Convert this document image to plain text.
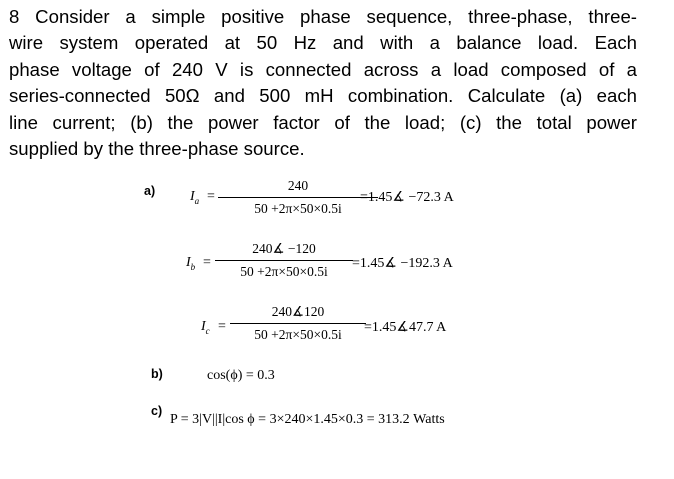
8 Consider a simple positive phase sequence, three-phase, three-
wire system operated at 50 Hz and with a balance load. Each
phase voltage of 240 V is connected across a load composed of a
series-connected 50Ω and 500 mH combination. Calculate (a) each
line current; (b) the power factor of the load; (c) the total power
supplied by the three-phase source.
a) $I_a$ =
240
50 +2π×50×0.5i
=1.45∡ −72.3 A
$I_b$ =
240∡ −120
50 +2π×50×0.5i
=1.45∡ −192.3 A
$I_c$ =
240∡120
50 +2π×50×0.5i	=1.45∡47.7 A
b)	cos(ϕ) = 0.3
c)
P = 3|V||I|cos ϕ = 3×240×1.45×0.3 = 313.2 Watts
